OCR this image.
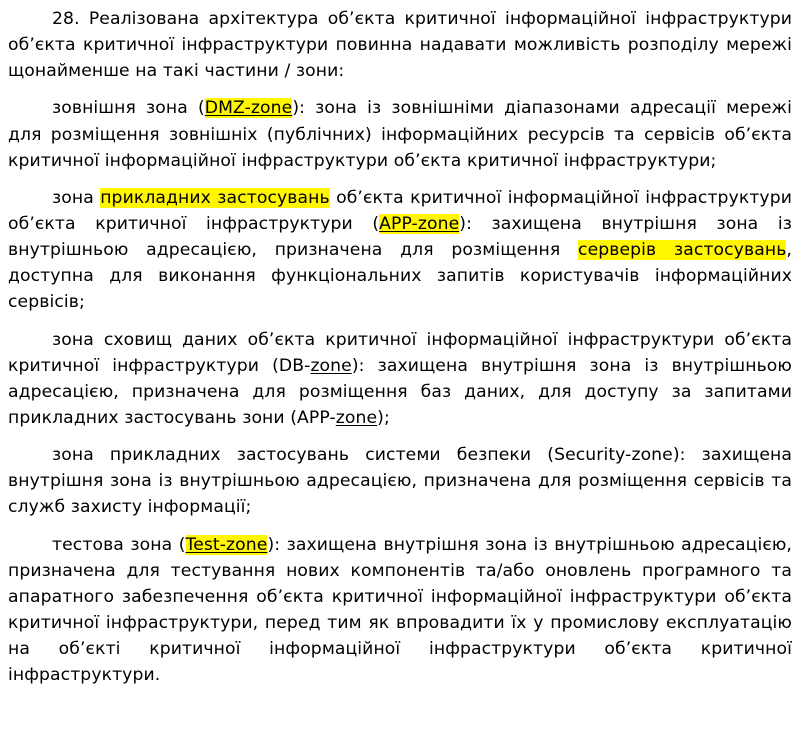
28. Реалізована архітектура об’єкта критичної інформаційної інфраструктури об’єкта критичної інфраструктури повинна надавати можливість розподілу мережі щонайменше на такі частини / зони:

зовнішня зона (DMZ-zone): зона із зовнішніми діапазонами адресації мережі для розміщення зовнішніх (публічних) інформаційних ресурсів та сервісів об’єкта критичної інформаційної інфраструктури об’єкта критичної інфраструктури;

зона прикладних застосувань об’єкта критичної інформаційної інфраструктури об’єкта критичної інфраструктури (APP-zone): захищена внутрішня зона із внутрішньою адресацією, призначена для розміщення серверів застосувань, доступна для виконання функціональних запитів користувачів інформаційних сервісів;

зона сховищ даних об’єкта критичної інформаційної інфраструктури об’єкта критичної інфраструктури (DB-zone): захищена внутрішня зона із внутрішньою адресацією, призначена для розміщення баз даних, для доступу за запитами прикладних застосувань зони (APP-zone);

зона прикладних застосувань системи безпеки (Security-zone): захищена внутрішня зона із внутрішньою адресацією, призначена для розміщення сервісів та служб захисту інформації;

тестова зона (Test-zone): захищена внутрішня зона із внутрішньою адресацією, призначена для тестування нових компонентів та/або оновлень програмного та апаратного забезпечення об’єкта критичної інформаційної інфраструктури об’єкта критичної інфраструктури, перед тим як впровадити їх у промислову експлуатацію на об’єкті критичної інформаційної інфраструктури об’єкта критичної інфраструктури.
